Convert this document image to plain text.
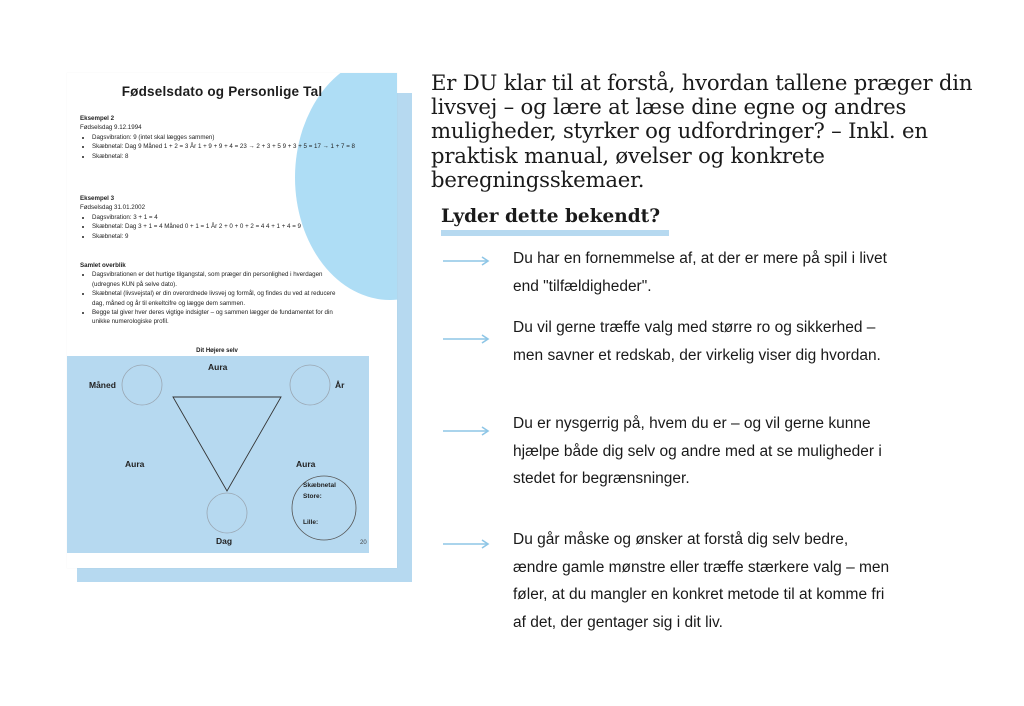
Fødselsdato og Personlige Tal
Eksempel 2
Fødselsdag 9.12.1994
• Dagsvibration: 9 (intet skal lægges sammen)
• Skæbnetal: Dag 9 Måned 1 + 2 = 3 År 1 + 9 + 9 + 4 = 23 → 2 + 3 + 5 9 + 3 + 5 = 17 → 1 + 7 = 8
• Skæbnetal: 8
Eksempel 3
Fødselsdag 31.01.2002
• Dagsvibration: 3 + 1 = 4
• Skæbnetal: Dag 3 + 1 = 4 Måned 0 + 1 = 1 År 2 + 0 + 0 + 2 = 4 4 + 1 + 4 = 9
• Skæbnetal: 9
Samlet overblik
• Dagsvibrationen er det hurtige tilgangstal, som præger din personlighed i hverdagen (udregnes KUN på selve dato).
• Skæbnetal (livsvejstal) er din overordnede livsvej og formål, og findes du ved at reducere dag, måned og år til enkeltcifre og lægge dem sammen.
• Begge tal giver hver deres vigtige indsigter – og sammen lægger de fundamentet for din unikke numerologiske profil.
Dit Højere selv
Aura
Måned	År
Aura	Aura
Dag
Skæbnetal
Store:
Lille:
20
Er DU klar til at forstå, hvordan tallene præger din livsvej – og lære at læse dine egne og andres muligheder, styrker og udfordringer? – Inkl. en praktisk manual, øvelser og konkrete beregningsskemaer.
Lyder dette bekendt?
Du har en fornemmelse af, at der er mere på spil i livet end "tilfældigheder".
Du vil gerne træffe valg med større ro og sikkerhed – men savner et redskab, der virkelig viser dig hvordan.
Du er nysgerrig på, hvem du er – og vil gerne kunne hjælpe både dig selv og andre med at se muligheder i stedet for begrænsninger.
Du går måske og ønsker at forstå dig selv bedre, ændre gamle mønstre eller træffe stærkere valg – men føler, at du mangler en konkret metode til at komme fri af det, der gentager sig i dit liv.
